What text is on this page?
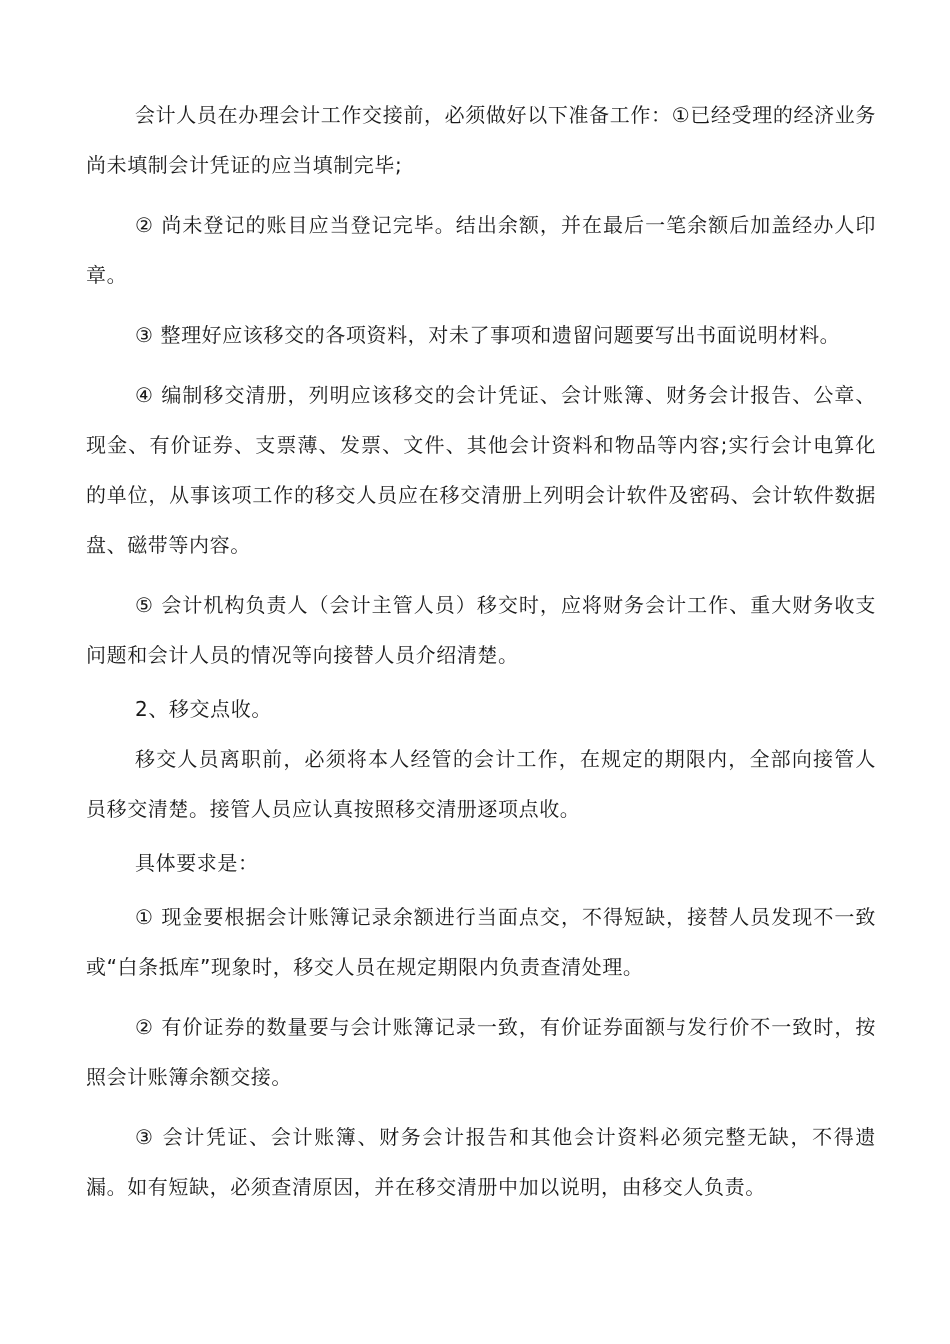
会计人员在办理会计工作交接前，必须做好以下准备工作：①已经受理的经济业务尚未填制会计凭证的应当填制完毕;

② 尚未登记的账目应当登记完毕。结出余额，并在最后一笔余额后加盖经办人印章。

③ 整理好应该移交的各项资料，对未了事项和遗留问题要写出书面说明材料。

④ 编制移交清册，列明应该移交的会计凭证、会计账簿、财务会计报告、公章、现金、有价证券、支票薄、发票、文件、其他会计资料和物品等内容;实行会计电算化的单位，从事该项工作的移交人员应在移交清册上列明会计软件及密码、会计软件数据盘、磁带等内容。

⑤ 会计机构负责人（会计主管人员）移交时，应将财务会计工作、重大财务收支问题和会计人员的情况等向接替人员介绍清楚。

2、移交点收。

移交人员离职前，必须将本人经管的会计工作，在规定的期限内，全部向接管人员移交清楚。接管人员应认真按照移交清册逐项点收。

具体要求是：

① 现金要根据会计账簿记录余额进行当面点交，不得短缺，接替人员发现不一致或“白条抵库”现象时，移交人员在规定期限内负责查清处理。

② 有价证券的数量要与会计账簿记录一致，有价证券面额与发行价不一致时，按照会计账簿余额交接。

③ 会计凭证、会计账簿、财务会计报告和其他会计资料必须完整无缺，不得遗漏。如有短缺，必须查清原因，并在移交清册中加以说明，由移交人负责。
